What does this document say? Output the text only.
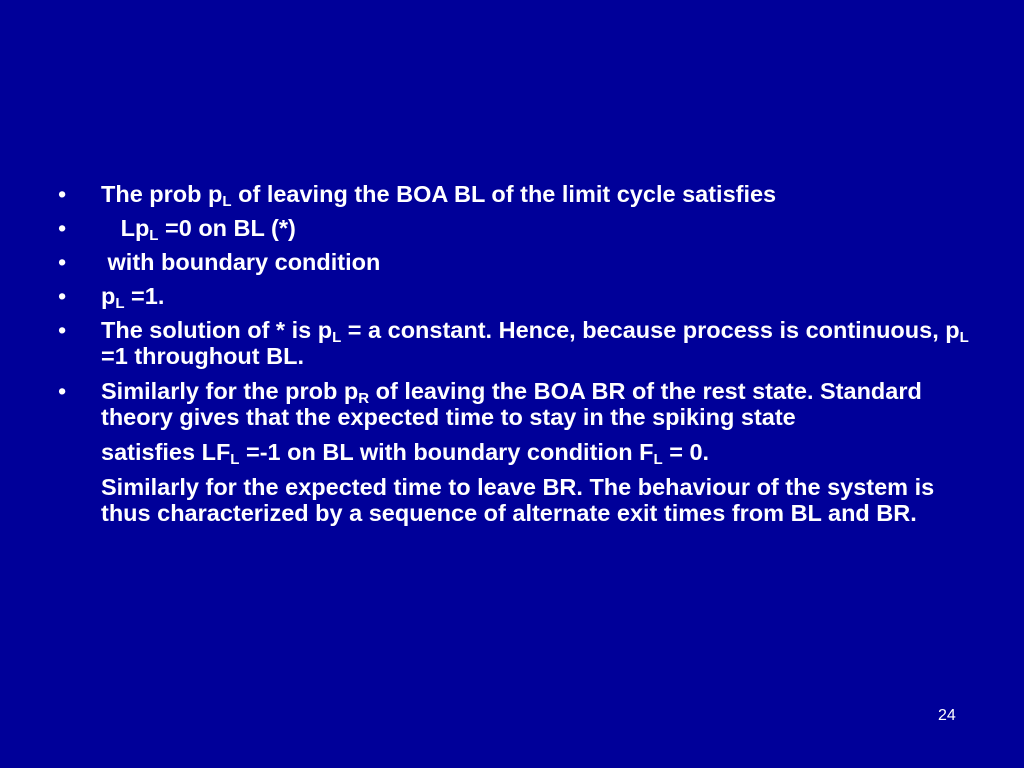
• The prob $p_L$ of leaving the BOA BL of the limit cycle satisfies
• $Lp_L =0$ on BL (*)
• with boundary condition
• $p_L =1$.
• The solution of * is $p_L = a$ constant. Hence, because process is continuous, $p_L =1$ throughout BL.
• Similarly for the prob $p_R$ of leaving the BOA BR of the rest state. Standard theory gives that the expected time to stay in the spiking state
satisfies $LF_L =-1$ on BL with boundary condition $F_L = 0$.
Similarly for the expected time to leave BR. The behaviour of the system is thus characterized by a sequence of alternate exit times from BL and BR.
24
